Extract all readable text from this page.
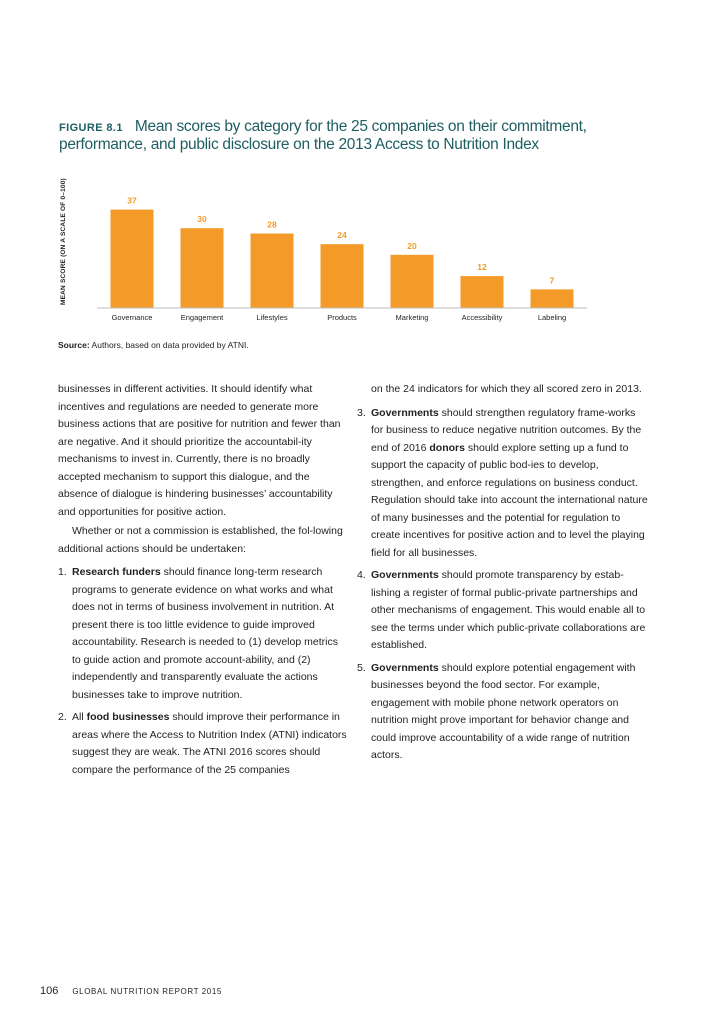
FIGURE 8.1 Mean scores by category for the 25 companies on their commitment, performance, and public disclosure on the 2013 Access to Nutrition Index
MEAN SCORE (ON A SCALE OF 0–100)	37
Governance
30
Engagement
28
Lifestyles
24
Products
20
Marketing
12
Accessibility
7
Labeling
Source: Authors, based on data provided by ATNI.

businesses in different activities. It should identify what incentives and regulations are needed to generate more business actions that are positive for nutrition and fewer than are negative. And it should prioritize the accountabil-ity mechanisms to invest in. Currently, there is no broadly accepted mechanism to support this dialogue, and the absence of dialogue is hindering businesses’ accountability and opportunities for positive action.

Whether or not a commission is established, the fol-lowing additional actions should be undertaken:

1. Research funders should finance long-term research programs to generate evidence on what works and what does not in terms of business involvement in nutrition. At present there is too little evidence to guide improved accountability. Research is needed to (1) develop metrics to guide action and promote account-ability, and (2) independently and transparently evaluate the actions businesses take to improve nutrition.
2. All food businesses should improve their performance in areas where the Access to Nutrition Index (ATNI) indicators suggest they are weak. The ATNI 2016 scores should compare the performance of the 25 companies

on the 24 indicators for which they all scored zero in 2013.

3. Governments should strengthen regulatory frame-works for business to reduce negative nutrition outcomes. By the end of 2016 donors should explore setting up a fund to support the capacity of public bod-ies to develop, strengthen, and enforce regulations on business conduct. Regulation should take into account the international nature of many businesses and the potential for regulation to create incentives for positive action and to level the playing field for all businesses.
4. Governments should promote transparency by estab-lishing a register of formal public-private partnerships and other mechanisms of engagement. This would enable all to see the terms under which public-private collaborations are established.
5. Governments should explore potential engagement with businesses beyond the food sector. For example, engagement with mobile phone network operators on nutrition might prove important for behavior change and could improve accountability of a wide range of nutrition actors.
106 GLOBAL NUTRITION REPORT 2015
